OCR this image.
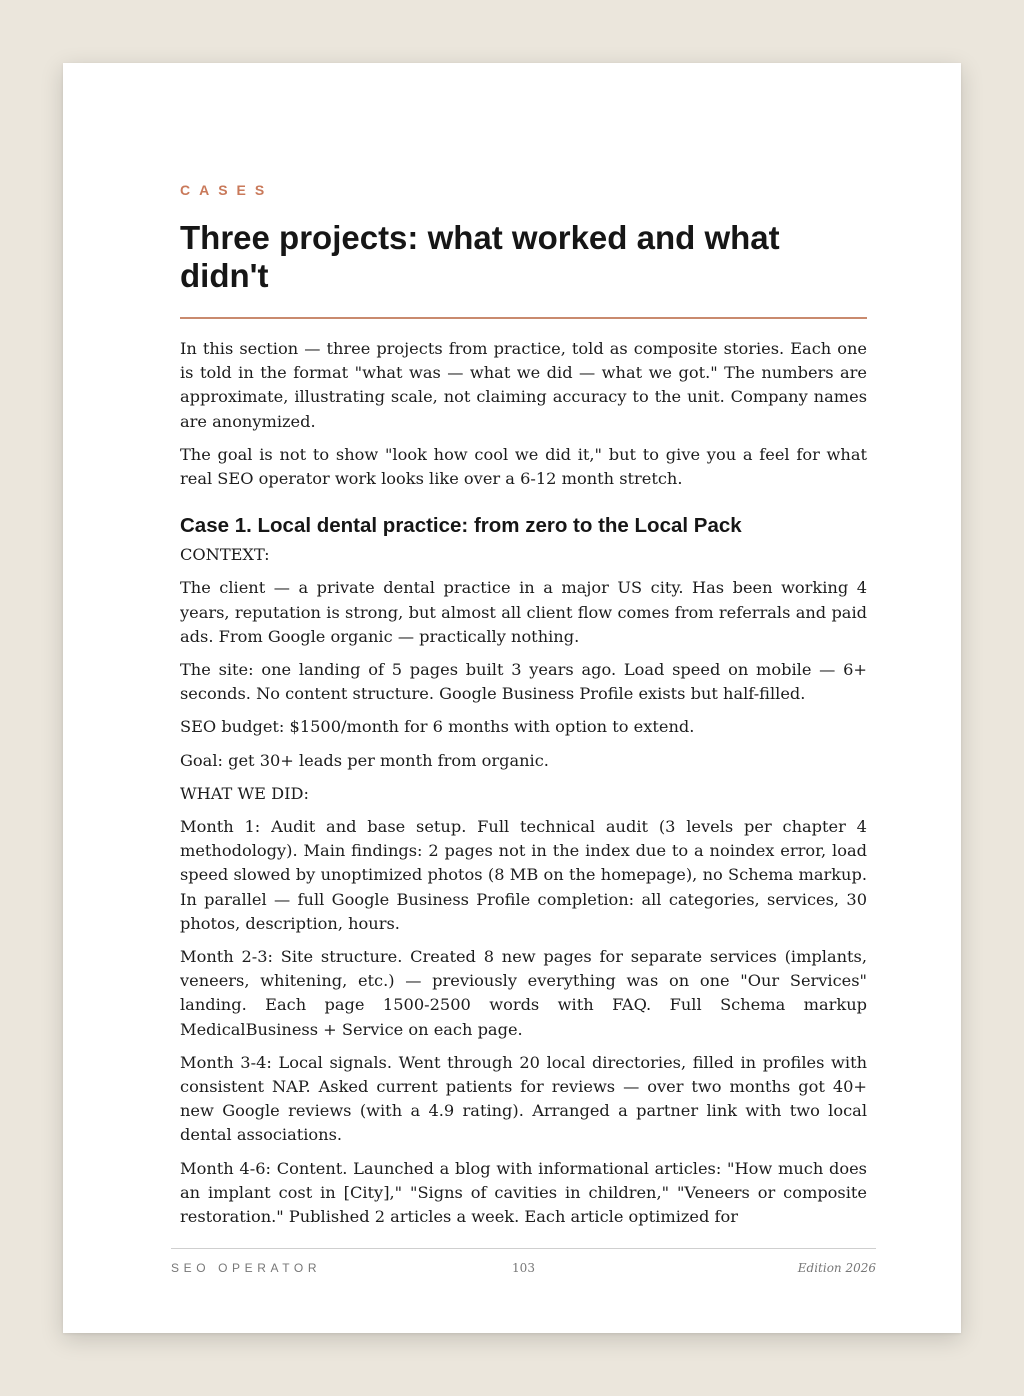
CASES
Three projects: what worked and what didn't

In this section — three projects from practice, told as composite stories. Each one is told in the format "what was — what we did — what we got." The numbers are approximate, illustrating scale, not claiming accuracy to the unit. Company names are anonymized.

The goal is not to show "look how cool we did it," but to give you a feel for what real SEO operator work looks like over a 6-12 month stretch.

Case 1. Local dental practice: from zero to the Local Pack

CONTEXT:

The client — a private dental practice in a major US city. Has been working 4 years, reputation is strong, but almost all client flow comes from referrals and paid ads. From Google organic — practically nothing.

The site: one landing of 5 pages built 3 years ago. Load speed on mobile — 6+ seconds. No content structure. Google Business Profile exists but half-filled.

SEO budget: $1500/month for 6 months with option to extend.

Goal: get 30+ leads per month from organic.

WHAT WE DID:

Month 1: Audit and base setup. Full technical audit (3 levels per chapter 4 methodology). Main findings: 2 pages not in the index due to a noindex error, load speed slowed by unoptimized photos (8 MB on the homepage), no Schema markup. In parallel — full Google Business Profile completion: all categories, services, 30 photos, description, hours.

Month 2-3: Site structure. Created 8 new pages for separate services (implants, veneers, whitening, etc.) — previously everything was on one "Our Services" landing. Each page 1500-2500 words with FAQ. Full Schema markup MedicalBusiness + Service on each page.

Month 3-4: Local signals. Went through 20 local directories, filled in profiles with consistent NAP. Asked current patients for reviews — over two months got 40+ new Google reviews (with a 4.9 rating). Arranged a partner link with two local dental associations.

Month 4-6: Content. Launched a blog with informational articles: "How much does an implant cost in [City]," "Signs of cavities in children," "Veneers or composite restoration." Published 2 articles a week. Each article optimized for

SEO OPERATOR	103	Edition 2026
